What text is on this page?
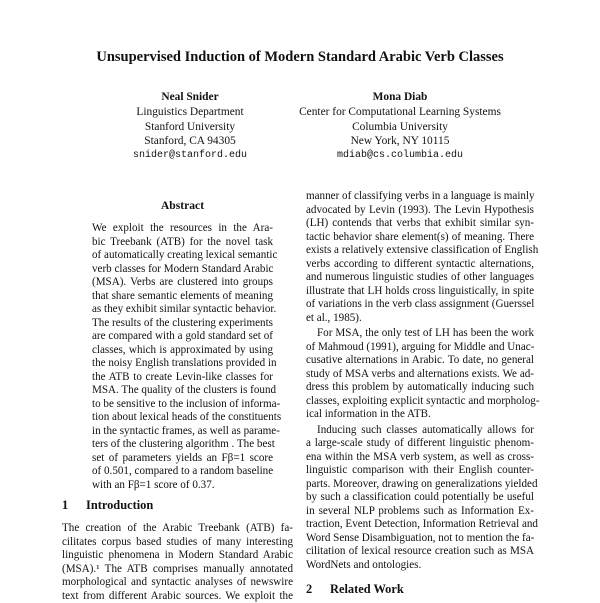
Unsupervised Induction of Modern Standard Arabic Verb Classes
Neal Snider
Linguistics Department
Stanford University
Stanford, CA 94305
snider@stanford.edu
Mona Diab
Center for Computational Learning Systems
Columbia University
New York, NY 10115
mdiab@cs.columbia.edu
Abstract
We exploit the resources in the Ara-
bic Treebank (ATB) for the novel task
of automatically creating lexical semantic
verb classes for Modern Standard Arabic
(MSA). Verbs are clustered into groups
that share semantic elements of meaning
as they exhibit similar syntactic behavior.
The results of the clustering experiments
are compared with a gold standard set of
classes, which is approximated by using
the noisy English translations provided in
the ATB to create Levin-like classes for
MSA. The quality of the clusters is found
to be sensitive to the inclusion of informa-
tion about lexical heads of the constituents
in the syntactic frames, as well as parame-
ters of the clustering algorithm . The best
set of parameters yields an Fβ=1 score
of 0.501, compared to a random baseline
with an Fβ=1 score of 0.37.
1 Introduction
The creation of the Arabic Treebank (ATB) fa-
cilitates corpus based studies of many interesting
linguistic phenomena in Modern Standard Arabic
(MSA).¹ The ATB comprises manually annotated
morphological and syntactic analyses of newswire
text from different Arabic sources. We exploit the
manner of classifying verbs in a language is mainly
advocated by Levin (1993). The Levin Hypothesis
(LH) contends that verbs that exhibit similar syn-
tactic behavior share element(s) of meaning. There
exists a relatively extensive classification of English
verbs according to different syntactic alternations,
and numerous linguistic studies of other languages
illustrate that LH holds cross linguistically, in spite
of variations in the verb class assignment (Guerssel
et al., 1985).
For MSA, the only test of LH has been the work
of Mahmoud (1991), arguing for Middle and Unac-
cusative alternations in Arabic. To date, no general
study of MSA verbs and alternations exists. We ad-
dress this problem by automatically inducing such
classes, exploiting explicit syntactic and morpholog-
ical information in the ATB.
Inducing such classes automatically allows for
a large-scale study of different linguistic phenom-
ena within the MSA verb system, as well as cross-
linguistic comparison with their English counter-
parts. Moreover, drawing on generalizations yielded
by such a classification could potentially be useful
in several NLP problems such as Information Ex-
traction, Event Detection, Information Retrieval and
Word Sense Disambiguation, not to mention the fa-
cilitation of lexical resource creation such as MSA
WordNets and ontologies.
2 Related Work
